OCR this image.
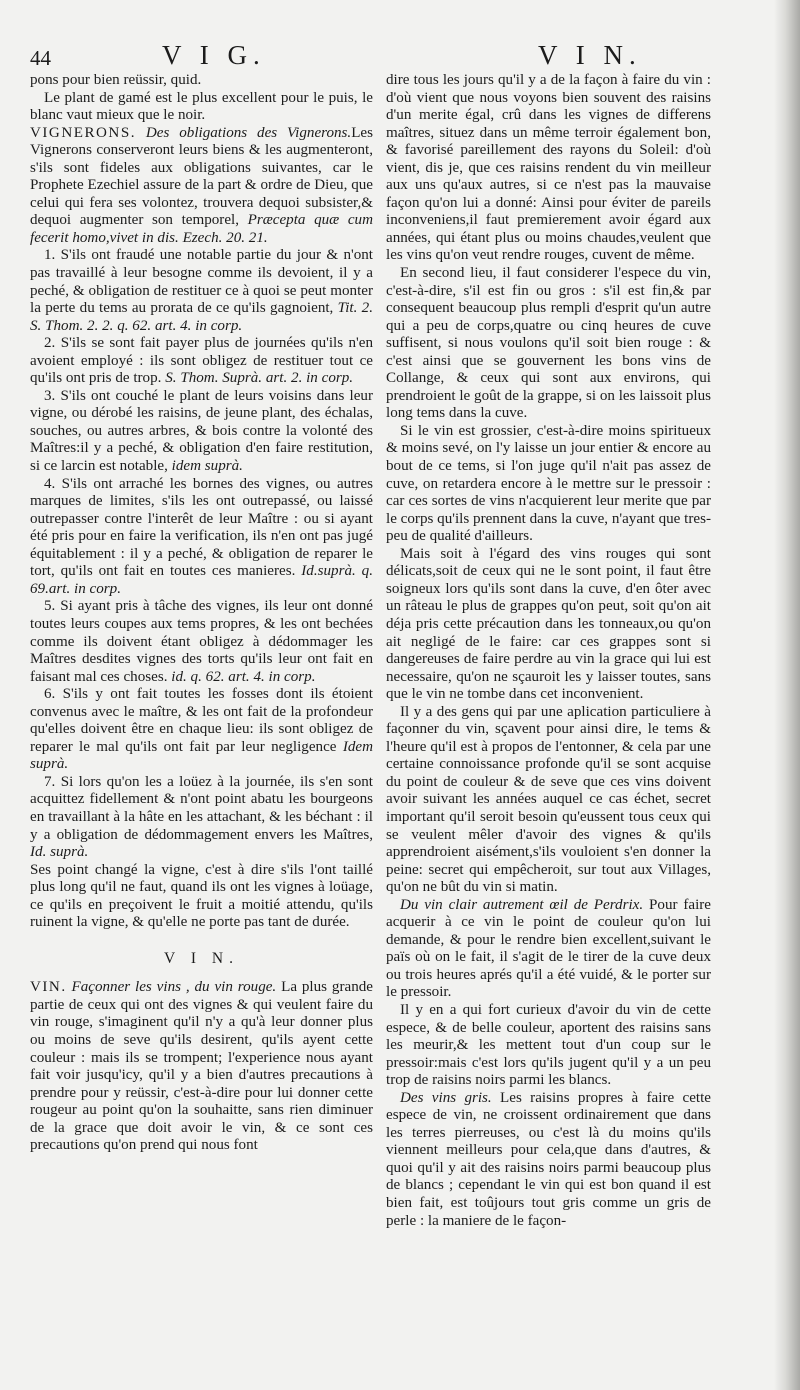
44	V I G.	V I N.

pons pour bien reüssir, quid.

Le plant de gamé est le plus excellent pour le puis, le blanc vaut mieux que le noir.

VIGNERONS. Des obligations des Vignerons.Les Vignerons conserveront leurs biens & les augmenteront, s'ils sont fideles aux obligations suivantes, car le Prophete Ezechiel assure de la part & ordre de Dieu, que celui qui fera ses volontez, trouvera dequoi subsister,& dequoi augmenter son temporel, Præcepta quæ cum fecerit homo,vivet in dis. Ezech. 20. 21.

1. S'ils ont fraudé une notable partie du jour & n'ont pas travaillé à leur besogne comme ils devoient, il y a peché, & obligation de restituer ce à quoi se peut monter la perte du tems au prorata de ce qu'ils gagnoient, Tit. 2. S. Thom. 2. 2. q. 62. art. 4. in corp.

2. S'ils se sont fait payer plus de journées qu'ils n'en avoient employé : ils sont obligez de restituer tout ce qu'ils ont pris de trop. S. Thom. Suprà. art. 2. in corp.

3. S'ils ont couché le plant de leurs voisins dans leur vigne, ou dérobé les raisins, de jeune plant, des échalas, souches, ou autres arbres, & bois contre la volonté des Maîtres:il y a peché, & obligation d'en faire restitution, si ce larcin est notable, idem suprà.

4. S'ils ont arraché les bornes des vignes, ou autres marques de limites, s'ils les ont outrepassé, ou laissé outrepasser contre l'interêt de leur Maître : ou si ayant été pris pour en faire la verification, ils n'en ont pas jugé équitablement : il y a peché, & obligation de reparer le tort, qu'ils ont fait en toutes ces manieres. Id.suprà. q. 69.art. in corp.

5. Si ayant pris à tâche des vignes, ils leur ont donné toutes leurs coupes aux tems propres, & les ont bechées comme ils doivent étant obligez à dédommager les Maîtres desdites vignes des torts qu'ils leur ont fait en faisant mal ces choses. id. q. 62. art. 4. in corp.

6. S'ils y ont fait toutes les fosses dont ils étoient convenus avec le maître, & les ont fait de la profondeur qu'elles doivent être en chaque lieu: ils sont obligez de reparer le mal qu'ils ont fait par leur negligence Idem suprà.

7. Si lors qu'on les a loüez à la journée, ils s'en sont acquittez fidellement & n'ont point abatu les bourgeons en travaillant à la hâte en les attachant, & les béchant : il y a obligation de dédommagement envers les Maîtres, Id. suprà.

Ses point changé la vigne, c'est à dire s'ils l'ont taillé plus long qu'il ne faut, quand ils ont les vignes à loüage, ce qu'ils en preçoivent le fruit a moitié attendu, qu'ils ruinent la vigne, & qu'elle ne porte pas tant de durée.

V I N.

VIN. Façonner les vins , du vin rouge. La plus grande partie de ceux qui ont des vignes & qui veulent faire du vin rouge, s'imaginent qu'il n'y a qu'à leur donner plus ou moins de seve qu'ils desirent, qu'ils ayent cette couleur : mais ils se trompent; l'experience nous ayant fait voir jusqu'icy, qu'il y a bien d'autres precautions à prendre pour y reüssir, c'est-à-dire pour lui donner cette rougeur au point qu'on la souhaitte, sans rien diminuer de la grace que doit avoir le vin, & ce sont ces precautions qu'on prend qui nous font

dire tous les jours qu'il y a de la façon à faire du vin : d'où vient que nous voyons bien souvent des raisins d'un merite égal, crû dans les vignes de differens maîtres, situez dans un même terroir également bon, & favorisé pareillement des rayons du Soleil: d'où vient, dis je, que ces raisins rendent du vin meilleur aux uns qu'aux autres, si ce n'est pas la mauvaise façon qu'on lui a donné: Ainsi pour éviter de pareils inconveniens,il faut premierement avoir égard aux années, qui étant plus ou moins chaudes,veulent que les vins qu'on veut rendre rouges, cuvent de même.

En second lieu, il faut considerer l'espece du vin, c'est-à-dire, s'il est fin ou gros : s'il est fin,& par consequent beaucoup plus rempli d'esprit qu'un autre qui a peu de corps,quatre ou cinq heures de cuve suffisent, si nous voulons qu'il soit bien rouge : & c'est ainsi que se gouvernent les bons vins de Collange, & ceux qui sont aux environs, qui prendroient le goût de la grappe, si on les laissoit plus long tems dans la cuve.

Si le vin est grossier, c'est-à-dire moins spiritueux & moins sevé, on l'y laisse un jour entier & encore au bout de ce tems, si l'on juge qu'il n'ait pas assez de cuve, on retardera encore à le mettre sur le pressoir : car ces sortes de vins n'acquierent leur merite que par le corps qu'ils prennent dans la cuve, n'ayant que tres-peu de qualité d'ailleurs.

Mais soit à l'égard des vins rouges qui sont délicats,soit de ceux qui ne le sont point, il faut être soigneux lors qu'ils sont dans la cuve, d'en ôter avec un râteau le plus de grappes qu'on peut, soit qu'on ait déja pris cette précaution dans les tonneaux,ou qu'on ait negligé de le faire: car ces grappes sont si dangereuses de faire perdre au vin la grace qui lui est necessaire, qu'on ne sçauroit les y laisser toutes, sans que le vin ne tombe dans cet inconvenient.

Il y a des gens qui par une aplication particuliere à façonner du vin, sçavent pour ainsi dire, le tems & l'heure qu'il est à propos de l'entonner, & cela par une certaine connoissance profonde qu'il se sont acquise du point de couleur & de seve que ces vins doivent avoir suivant les années auquel ce cas échet, secret important qu'il seroit besoin qu'eussent tous ceux qui se veulent mêler d'avoir des vignes & qu'ils apprendroient aisément,s'ils vouloient s'en donner la peine: secret qui empêcheroit, sur tout aux Villages, qu'on ne bût du vin si matin.

Du vin clair autrement œil de Perdrix. Pour faire acquerir à ce vin le point de couleur qu'on lui demande, & pour le rendre bien excellent,suivant le païs où on le fait, il s'agit de le tirer de la cuve deux ou trois heures aprés qu'il a été vuidé, & le porter sur le pressoir.

Il y en a qui fort curieux d'avoir du vin de cette espece, & de belle couleur, aportent des raisins sans les meurir,& les mettent tout d'un coup sur le pressoir:mais c'est lors qu'ils jugent qu'il y a un peu trop de raisins noirs parmi les blancs.

Des vins gris. Les raisins propres à faire cette espece de vin, ne croissent ordinairement que dans les terres pierreuses, ou c'est là du moins qu'ils viennent meilleurs pour cela,que dans d'autres, & quoi qu'il y ait des raisins noirs parmi beaucoup plus de blancs ; cependant le vin qui est bon quand il est bien fait, est toûjours tout gris comme un gris de perle : la maniere de le façon-
